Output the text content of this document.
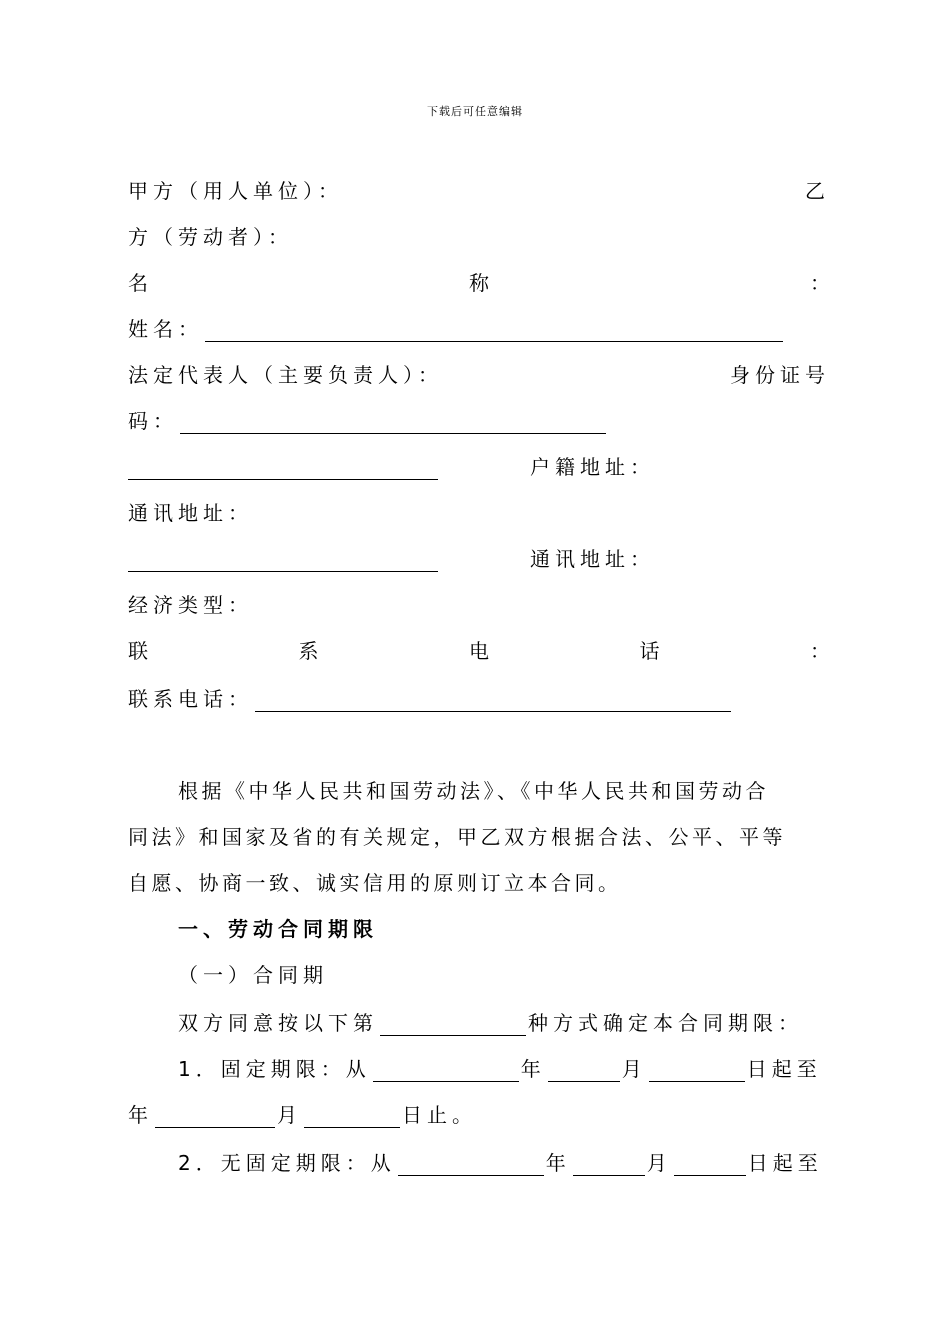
下载后可任意编辑
甲方（用人单位）：	乙
方（劳动者）：
名	称	：
姓名：
法定代表人（主要负责人）：	身份证号
码：
户籍地址：
通讯地址：
通讯地址：
经济类型：
联	系	电	话	：
联系电话：
根据《中华人民共和国劳动法》、《中华人民共和国劳动合
同法》和国家及省的有关规定，甲乙双方根据合法、公平、平等
自愿、协商一致、诚实信用的原则订立本合同。
一、劳动合同期限
（一）合同期
双方同意按以下第	种方式确定本合同期限：
1．固定期限：从	年	月	日起至
年	月	日止。
2．无固定期限：从	年	月	日起至
